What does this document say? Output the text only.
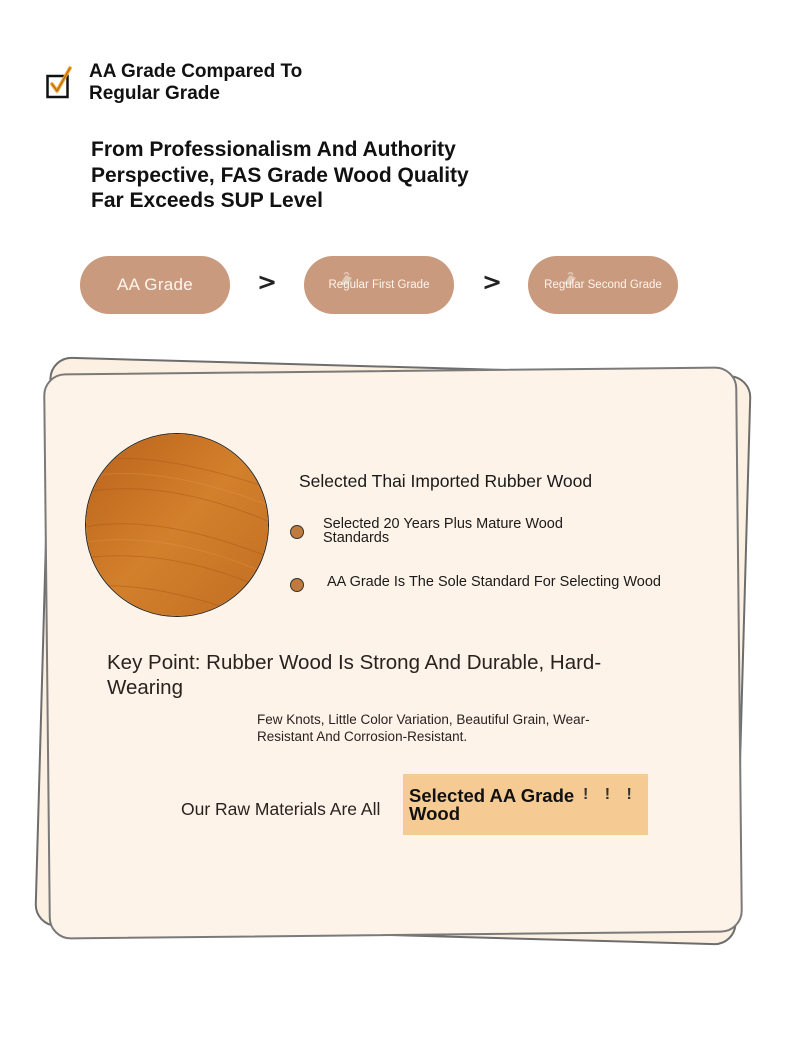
AA Grade Compared To
Regular Grade
From Professionalism And Authority
Perspective, FAS Grade Wood Quality
Far Exceeds SUP Level
AA Grade	>	Regular First Grade >	Regular Second Grade
Selected Thai Imported Rubber Wood
Selected 20 Years Plus Mature Wood Standards
AA Grade Is The Sole Standard For Selecting Wood
Key Point: Rubber Wood Is Strong And Durable, Hard-Wearing
Few Knots, Little Color Variation, Beautiful Grain, Wear-Resistant And Corrosion-Resistant.
Our Raw Materials Are All
Selected AA Grade Wood
! ! !
